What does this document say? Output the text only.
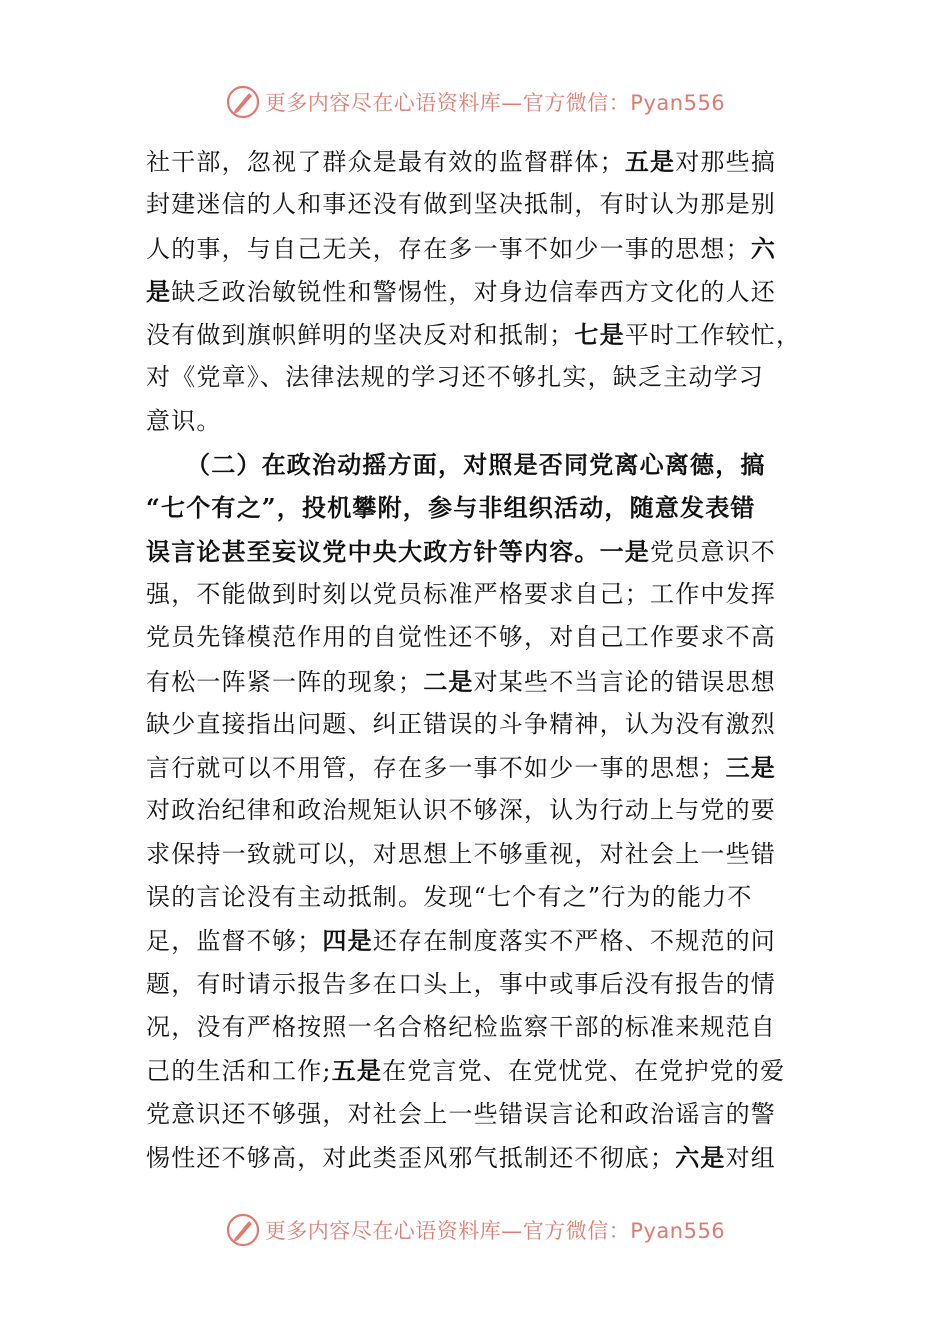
更多内容尽在心语资料库—官方微信：Pyan556
社干部，忽视了群众是最有效的监督群体；五是对那些搞
封建迷信的人和事还没有做到坚决抵制，有时认为那是别
人的事，与自己无关，存在多一事不如少一事的思想；六
是缺乏政治敏锐性和警惕性，对身边信奉西方文化的人还
没有做到旗帜鲜明的坚决反对和抵制；七是平时工作较忙，
对《党章》、法律法规的学习还不够扎实，缺乏主动学习
意识。
（二）在政治动摇方面，对照是否同党离心离德，搞
“七个有之”，投机攀附，参与非组织活动，随意发表错
误言论甚至妄议党中央大政方针等内容。一是党员意识不
强，不能做到时刻以党员标准严格要求自己；工作中发挥
党员先锋模范作用的自觉性还不够，对自己工作要求不高
有松一阵紧一阵的现象；二是对某些不当言论的错误思想
缺少直接指出问题、纠正错误的斗争精神，认为没有激烈
言行就可以不用管，存在多一事不如少一事的思想；三是
对政治纪律和政治规矩认识不够深，认为行动上与党的要
求保持一致就可以，对思想上不够重视，对社会上一些错
误的言论没有主动抵制。发现“七个有之”行为的能力不
足，监督不够；四是还存在制度落实不严格、不规范的问
题，有时请示报告多在口头上，事中或事后没有报告的情
况，没有严格按照一名合格纪检监察干部的标准来规范自
己的生活和工作;五是在党言党、在党忧党、在党护党的爱
党意识还不够强，对社会上一些错误言论和政治谣言的警
惕性还不够高，对此类歪风邪气抵制还不彻底；六是对组
更多内容尽在心语资料库—官方微信：Pyan556
